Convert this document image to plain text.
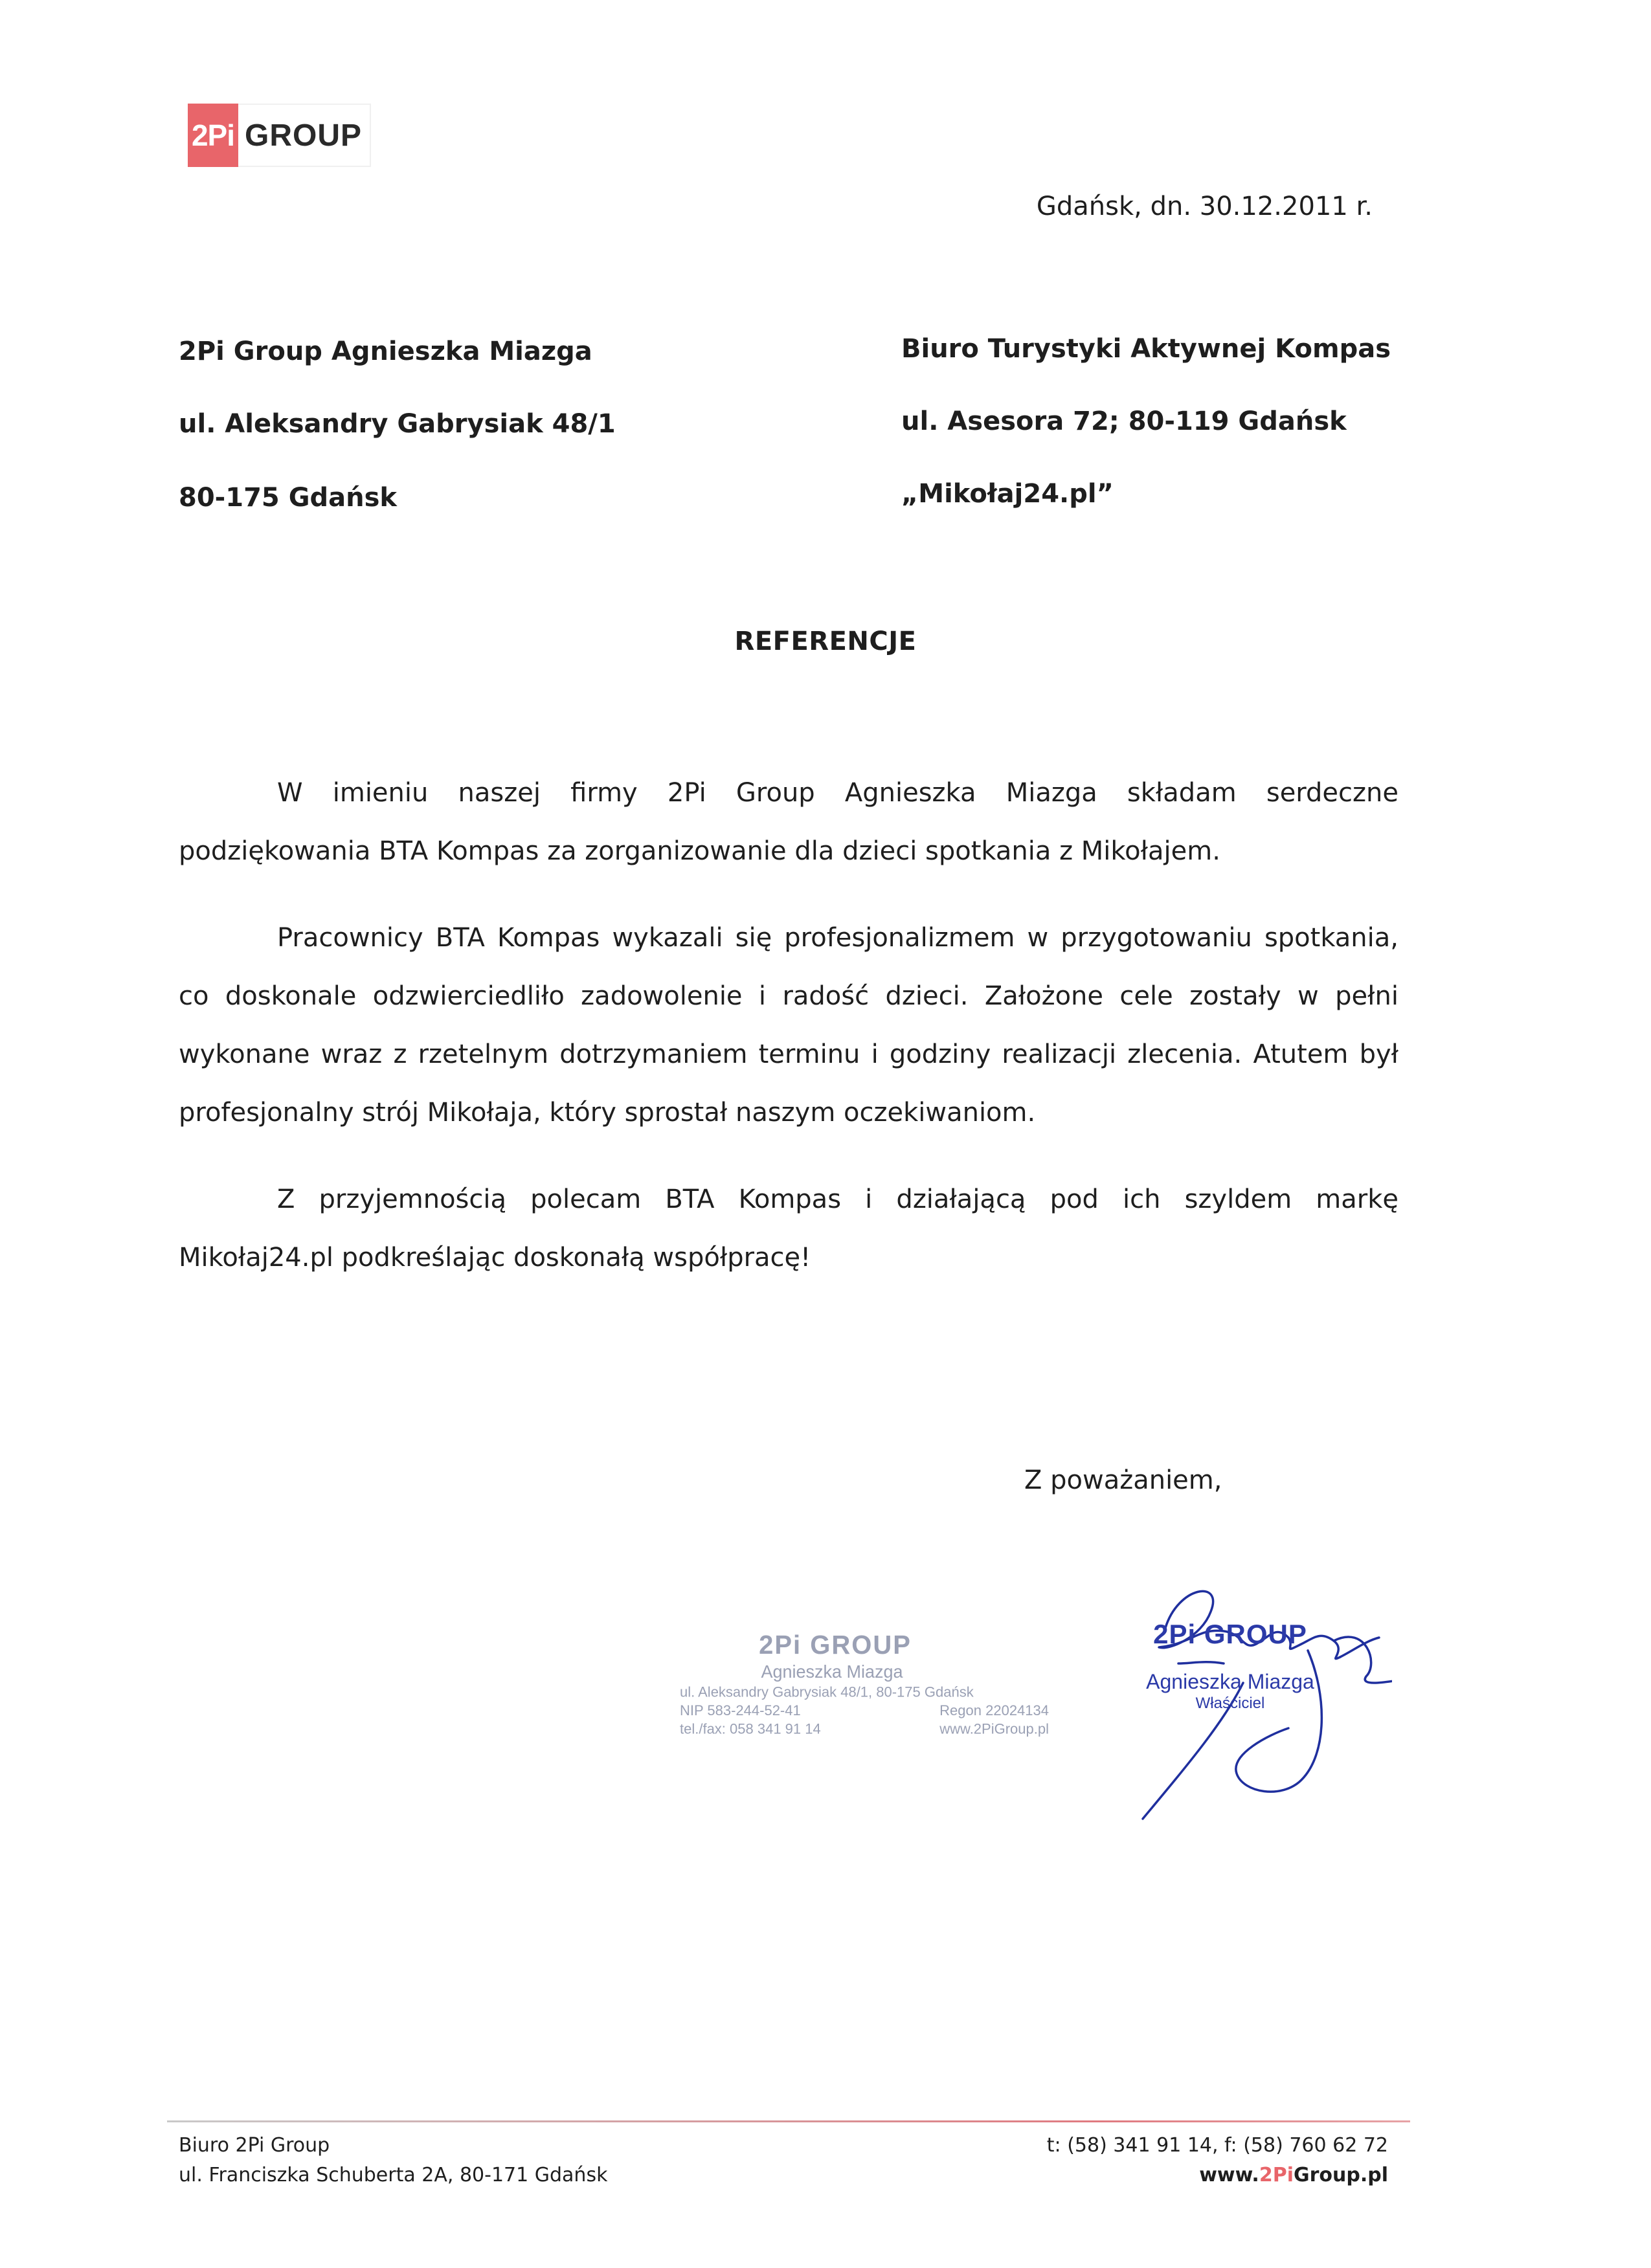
2Pi GROUP
Gdańsk, dn. 30.12.2011 r.
2Pi Group Agnieszka Miazga
ul. Aleksandry Gabrysiak 48/1
80-175 Gdańsk
Biuro Turystyki Aktywnej Kompas
ul. Asesora 72; 80-119 Gdańsk
„Mikołaj24.pl”
REFERENCJE

W imieniu naszej firmy 2Pi Group Agnieszka Miazga składam serdeczne podziękowania BTA Kompas za zorganizowanie dla dzieci spotkania z Mikołajem.

Pracownicy BTA Kompas wykazali się profesjonalizmem w przygotowaniu spotkania, co doskonale odzwierciedliło zadowolenie i radość dzieci. Założone cele zostały w pełni wykonane wraz z rzetelnym dotrzymaniem terminu i godziny realizacji zlecenia. Atutem był profesjonalny strój Mikołaja, który sprostał naszym oczekiwaniom.

Z przyjemnością polecam BTA Kompas i działającą pod ich szyldem markę Mikołaj24.pl podkreślając doskonałą współpracę!

Z poważaniem,
2Pi GROUP
Agnieszka Miazga
ul. Aleksandry Gabrysiak 48/1, 80-175 Gdańsk
NIP 583-244-52-41	Regon 22024134
tel./fax: 058 341 91 14	www.2PiGroup.pl
2Pi GROUP
Agnieszka Miazga
Właściciel
Biuro 2Pi Group
ul. Franciszka Schuberta 2A, 80-171 Gdańsk
t: (58) 341 91 14, f: (58) 760 62 72
www.2PiGroup.pl
